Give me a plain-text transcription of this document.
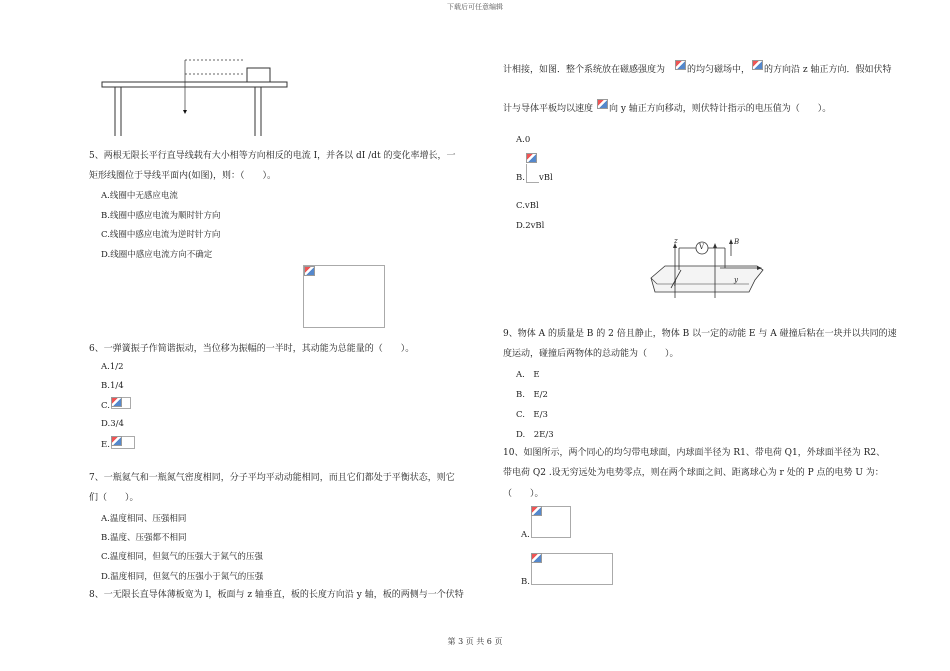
下载后可任意编辑
第 3 页 共 6 页
5、两根无限长平行直导线载有大小相等方向相反的电流 I，并各以 dI /dt 的变化率增长，一
矩形线圈位于导线平面内(如图)，则：（　　）。
A.线圈中无感应电流
B.线圈中感应电流为顺时针方向
C.线圈中感应电流为逆时针方向
D.线圈中感应电流方向不确定
6、一弹簧振子作简谐振动，当位移为振幅的一半时，其动能为总能量的（　　）。
A.1/2
B.1/4
C.
D.3/4
E.
7、一瓶氦气和一瓶氮气密度相同，分子平均平动动能相同，而且它们都处于平衡状态，则它
们（　　）。
A.温度相同、压强相同
B.温度、压强都不相同
C.温度相同，但氦气的压强大于氮气的压强
D.温度相同，但氦气的压强小于氮气的压强
8、一无限长直导体薄板宽为 l，板面与 z 轴垂直，板的长度方向沿 y 轴，板的两侧与一个伏特
计相接，如图．整个系统放在磁感强度为 的均匀磁场中， 的方向沿 z 轴正方向．假如伏特
计与导体平板均以速度 向 y 轴正方向移动，则伏特计指示的电压值为（　　）。
A.0
B. vBl
C.vBl
D.2vBl
z
V
B
l	y
9、物体 A 的质量是 B 的 2 倍且静止，物体 B 以一定的动能 E 与 A 碰撞后粘在一块并以共同的速
度运动，碰撞后两物体的总动能为（　　）。
A.　E
B.　E/2
C.　E/3
D.　2E/3
10、如图所示，两个同心的均匀带电球面，内球面半径为 R1、带电荷 Q1，外球面半径为 R2、
带电荷 Q2 .设无穷远处为电势零点，则在两个球面之间、距离球心为 r 处的 P 点的电势 U 为：
（　　）。
A.
B.
